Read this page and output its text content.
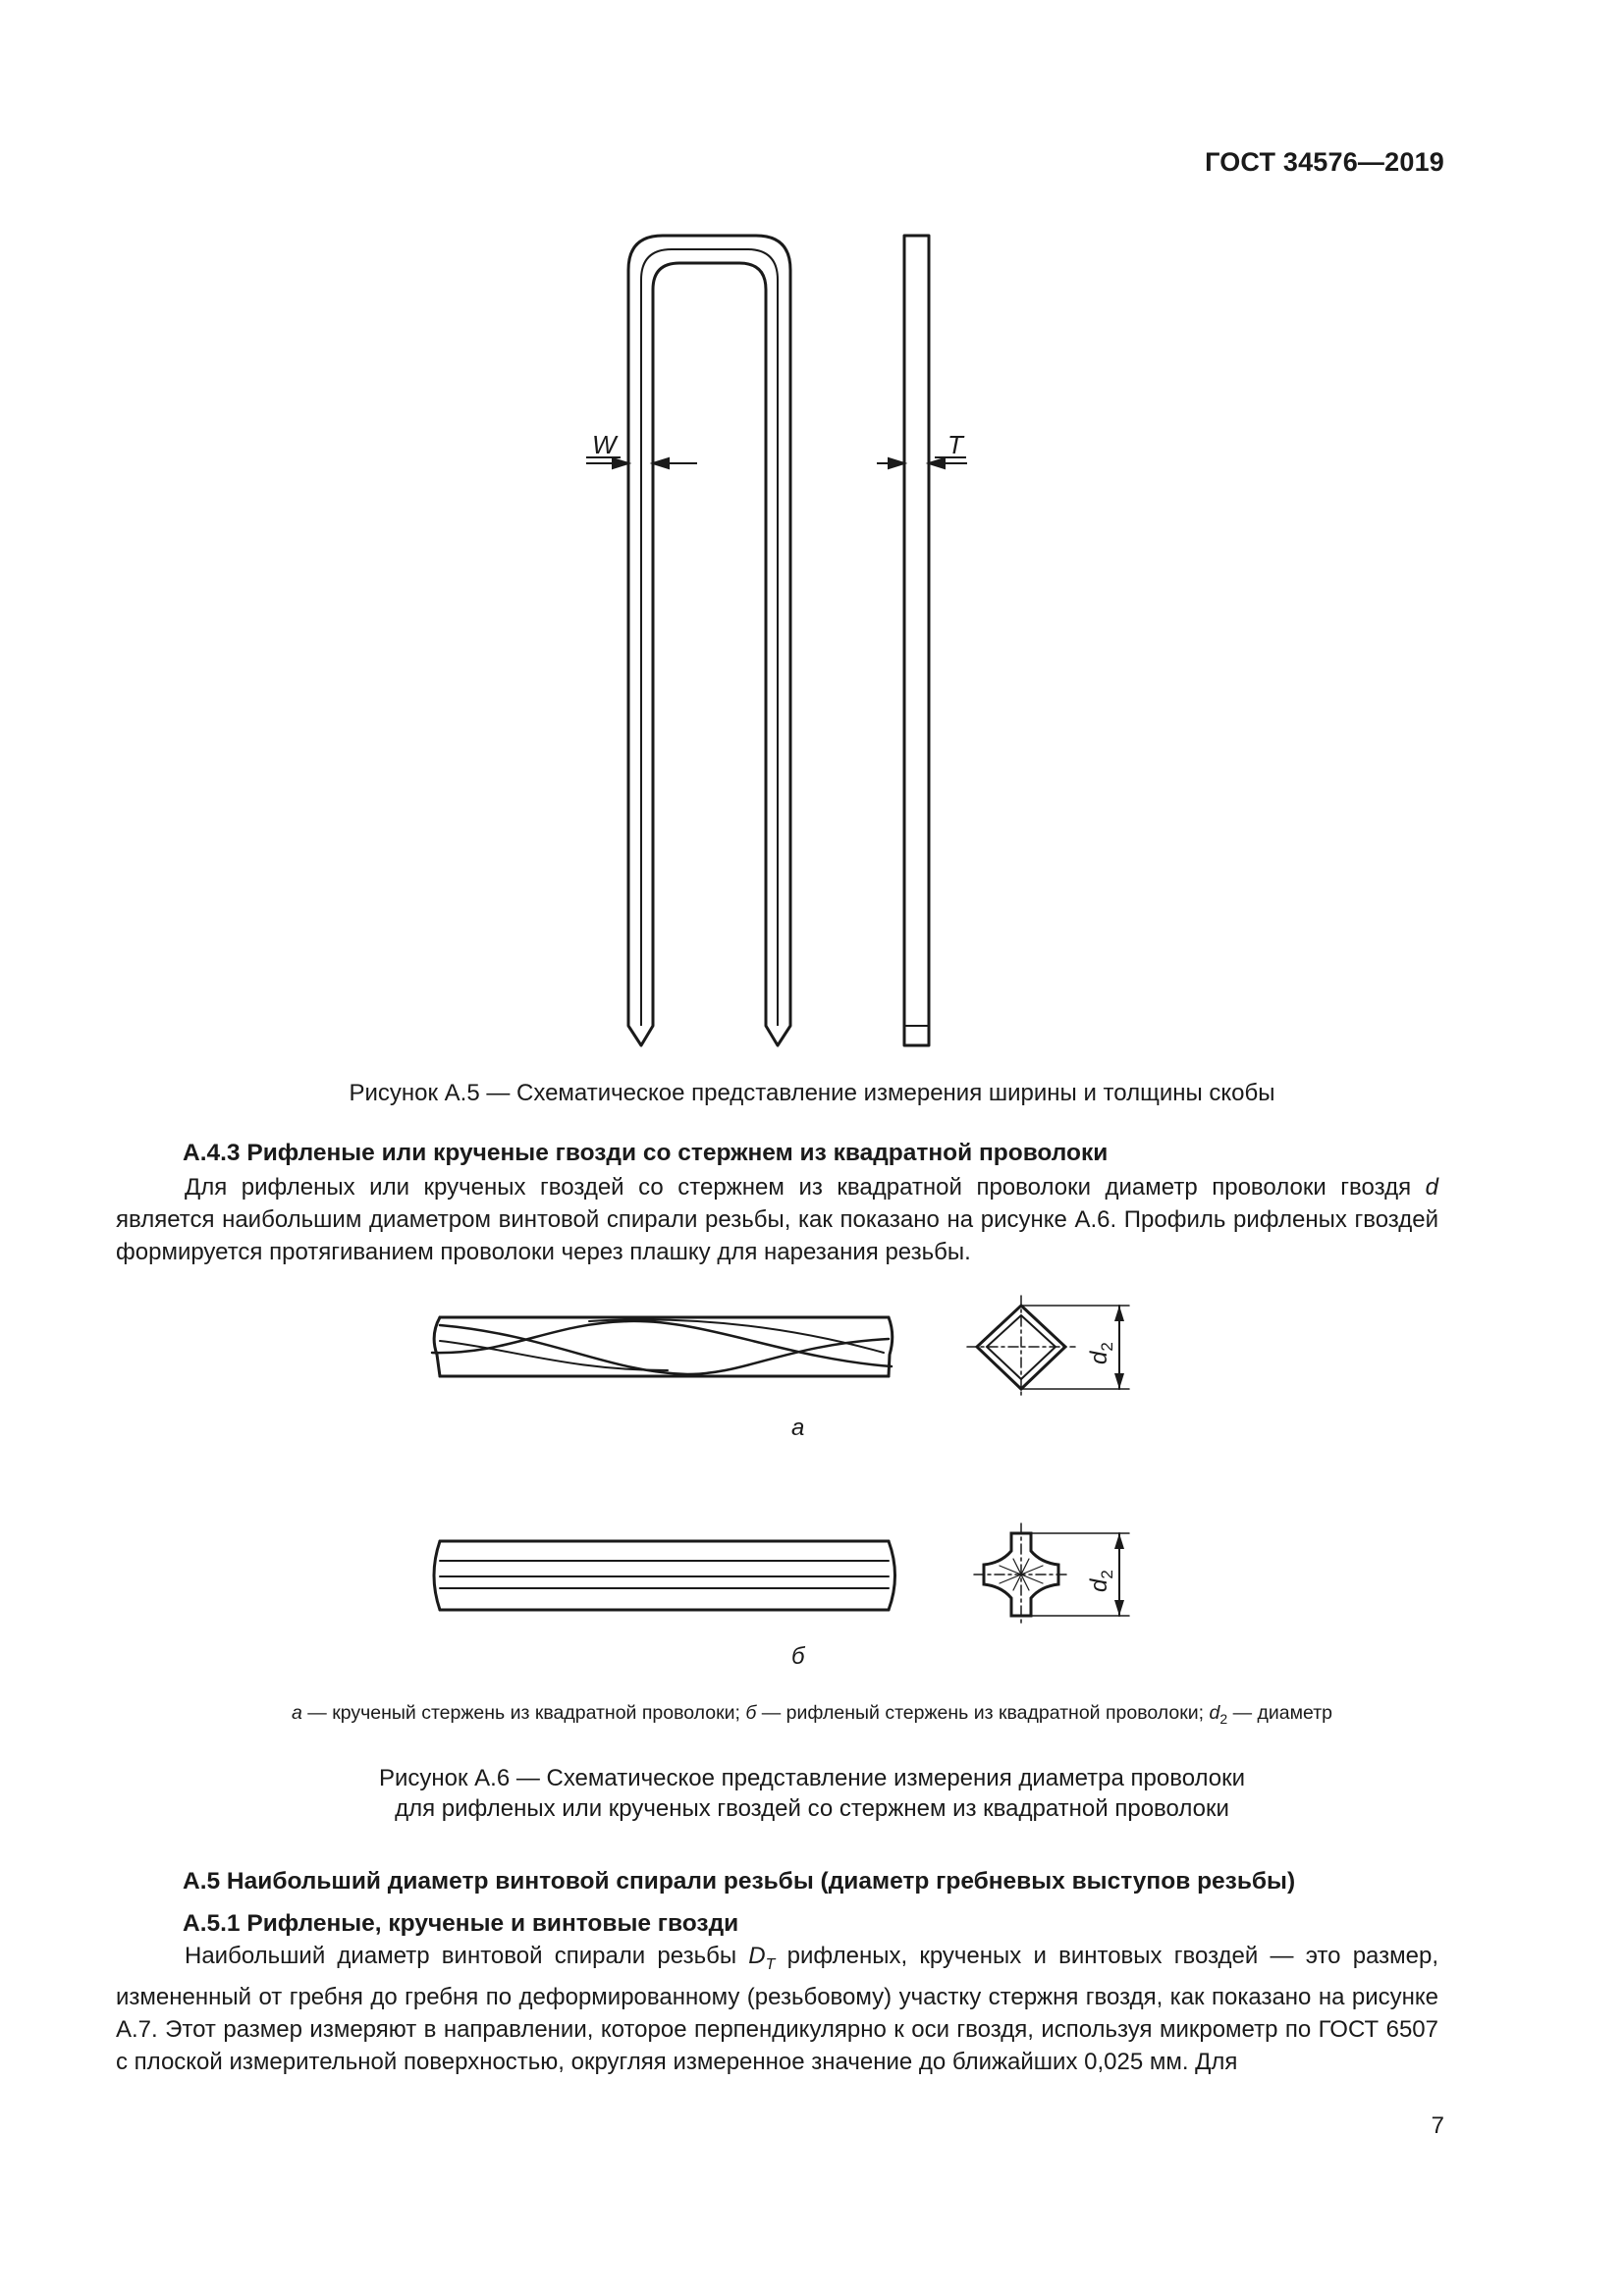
ГОСТ 34576—2019
W	T
Рисунок А.5 — Схематическое представление измерения ширины и толщины скобы
А.4.3 Рифленые или крученые гвозди со стержнем из квадратной проволоки

Для рифленых или крученых гвоздей со стержнем из квадратной проволоки диаметр проволоки гвоздя d является наибольшим диаметром винтовой спирали резьбы, как показано на рисунке А.6. Профиль рифленых гвоздей формируется протягиванием проволоки через плашку для нарезания резьбы.

$d_2$
$d_2$
а
б
а — крученый стержень из квадратной проволоки; б — рифленый стержень из квадратной проволоки; $d_2$ — диаметр
Рисунок А.6 — Схематическое представление измерения диаметра проволоки
для рифленых или крученых гвоздей со стержнем из квадратной проволоки
А.5 Наибольший диаметр винтовой спирали резьбы (диаметр гребневых выступов резьбы)
А.5.1 Рифленые, крученые и винтовые гвозди

Наибольший диаметр винтовой спирали резьбы $D_T$ рифленых, крученых и винтовых гвоздей — это размер, измененный от гребня до гребня по деформированному (резьбовому) участку стержня гвоздя, как показано на рисунке А.7. Этот размер измеряют в направлении, которое перпендикулярно к оси гвоздя, используя микрометр по ГОСТ 6507 с плоской измерительной поверхностью, округляя измеренное значение до ближайших 0,025 мм. Для

7
